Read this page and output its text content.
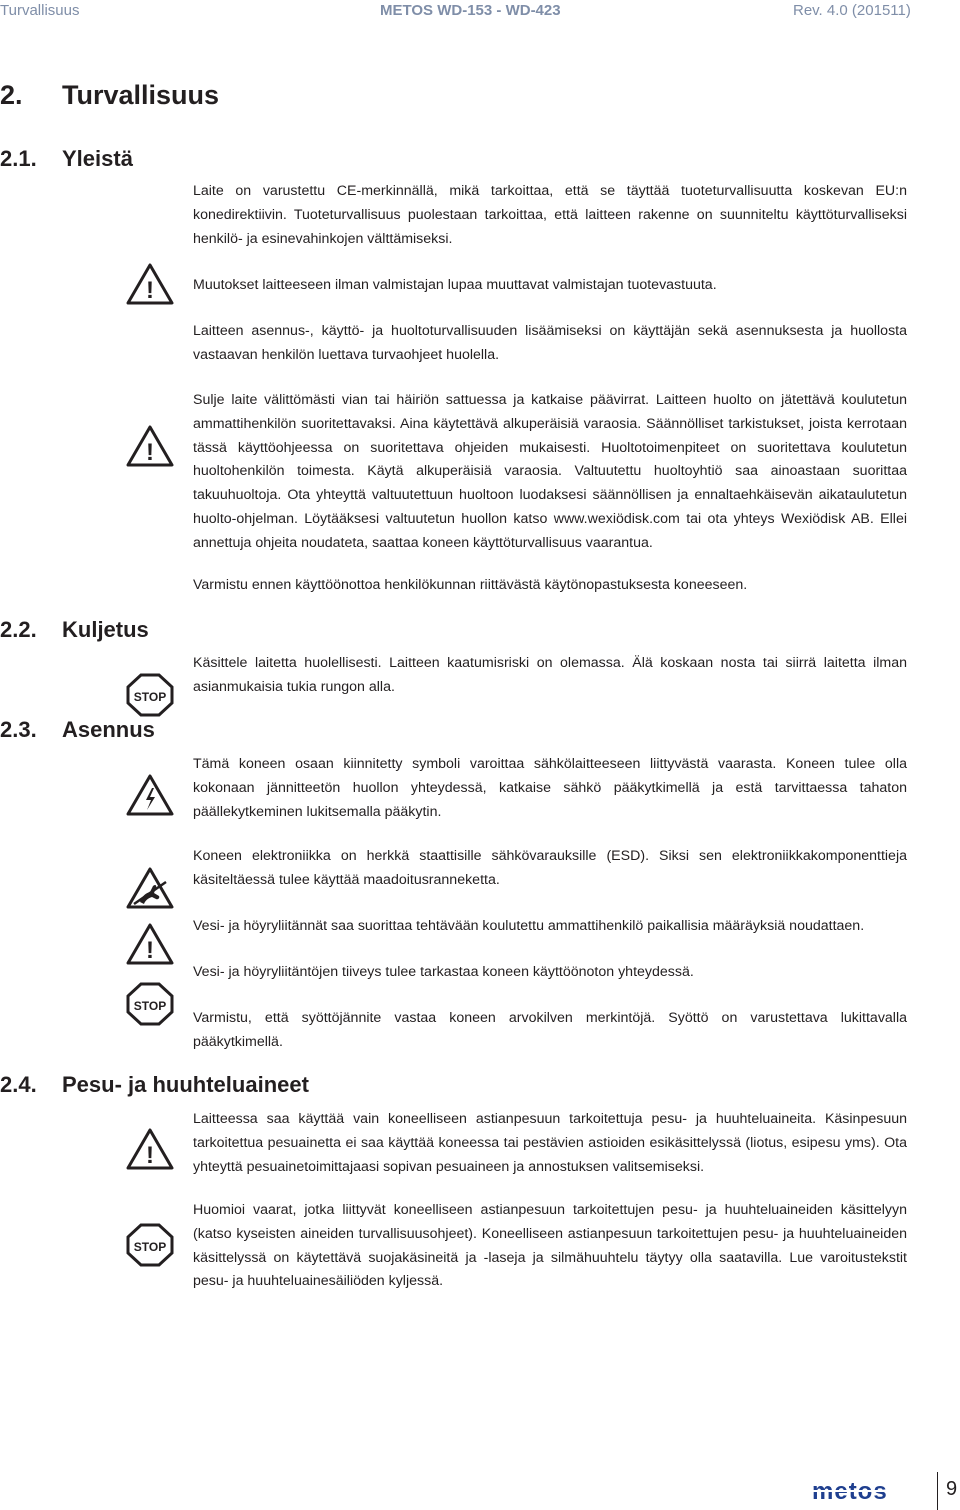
Turvallisuus	METOS WD-153 - WD-423	Rev. 4.0 (201511)
2. Turvallisuus
2.1. Yleistä
2.2. Kuljetus
2.3. Asennus
2.4. Pesu- ja huuhteluaineet

Laite on varustettu CE-merkinnällä, mikä tarkoittaa, että se täyttää tuoteturvallisuutta koskevan EU:n konedirektiivin. Tuoteturvallisuus puolestaan tarkoittaa, että laitteen rakenne on suunniteltu käyttöturvalliseksi henkilö- ja esinevahinkojen välttämiseksi.

Muutokset laitteeseen ilman valmistajan lupaa muuttavat valmistajan tuotevastuuta.

Laitteen asennus-, käyttö- ja huoltoturvallisuuden lisäämiseksi on käyttäjän sekä asennuksesta ja huollosta vastaavan henkilön luettava turvaohjeet huolella.

Sulje laite välittömästi vian tai häiriön sattuessa ja katkaise päävirrat. Laitteen huolto on jätettävä koulutetun ammattihenkilön suoritettavaksi. Aina käytettävä alkuperäisiä varaosia. Säännölliset tarkistukset, joista kerrotaan tässä käyttöohjeessa on suoritettava ohjeiden mukaisesti. Huoltotoimenpiteet on suoritettava koulutetun huoltohenkilön toimesta. Käytä alkuperäisiä varaosia. Valtuutettu huoltoyhtiö saa ainoastaan suorittaa takuuhuoltoja. Ota yhteyttä valtuutettuun huoltoon luodaksesi säännöllisen ja ennaltaehkäisevän aikataulutetun huolto-ohjelman. Löytääksesi valtuutetun huollon katso www.wexiödisk.com tai ota yhteys Wexiödisk AB. Ellei annettuja ohjeita noudateta, saattaa koneen käyttöturvallisuus vaarantua.

Varmistu ennen käyttöönottoa henkilökunnan riittävästä käytönopastuksesta koneeseen.

Käsittele laitetta huolellisesti. Laitteen kaatumisriski on olemassa. Älä koskaan nosta tai siirrä laitetta ilman asianmukaisia tukia rungon alla.

Tämä koneen osaan kiinnitetty symboli varoittaa sähkölaitteeseen liittyvästä vaarasta. Koneen tulee olla kokonaan jännitteetön huollon yhteydessä, katkaise sähkö pääkytkimellä ja estä tarvittaessa tahaton päällekytkeminen lukitsemalla pääkytin.

Koneen elektroniikka on herkkä staattisille sähkövarauksille (ESD). Siksi sen elektroniikkakomponenttieja käsiteltäessä tulee käyttää maadoitusranneketta.

Vesi- ja höyryliitännät saa suorittaa tehtävään koulutettu ammattihenkilö paikallisia määräyksiä noudattaen.

Vesi- ja höyryliitäntöjen tiiveys tulee tarkastaa koneen käyttöönoton yhteydessä.

Varmistu, että syöttöjännite vastaa koneen arvokilven merkintöjä. Syöttö on varustettava lukittavalla pääkytkimellä.

Laitteessa saa käyttää vain koneelliseen astianpesuun tarkoitettuja pesu- ja huuhteluaineita. Käsinpesuun tarkoitettua pesuainetta ei saa käyttää koneessa tai pestävien astioiden esikäsittelyssä (liotus, esipesu yms). Ota yhteyttä pesuainetoimittajaasi sopivan pesuaineen ja annostuksen valitsemiseksi.

Huomioi vaarat, jotka liittyvät koneelliseen astianpesuun tarkoitettujen pesu- ja huuhteluaineiden käsittelyyn (katso kyseisten aineiden turvallisuusohjeet). Koneelliseen astianpesuun tarkoitettujen pesu- ja huuhteluaineiden käsittelyssä on käytettävä suojakäsineitä ja -laseja ja silmähuuhtelu täytyy olla saatavilla. Lue varoitustekstit pesu- ja huuhteluainesäiliöden kyljessä.

!
!
STOP
!
STOP
!
STOP
metos	9
